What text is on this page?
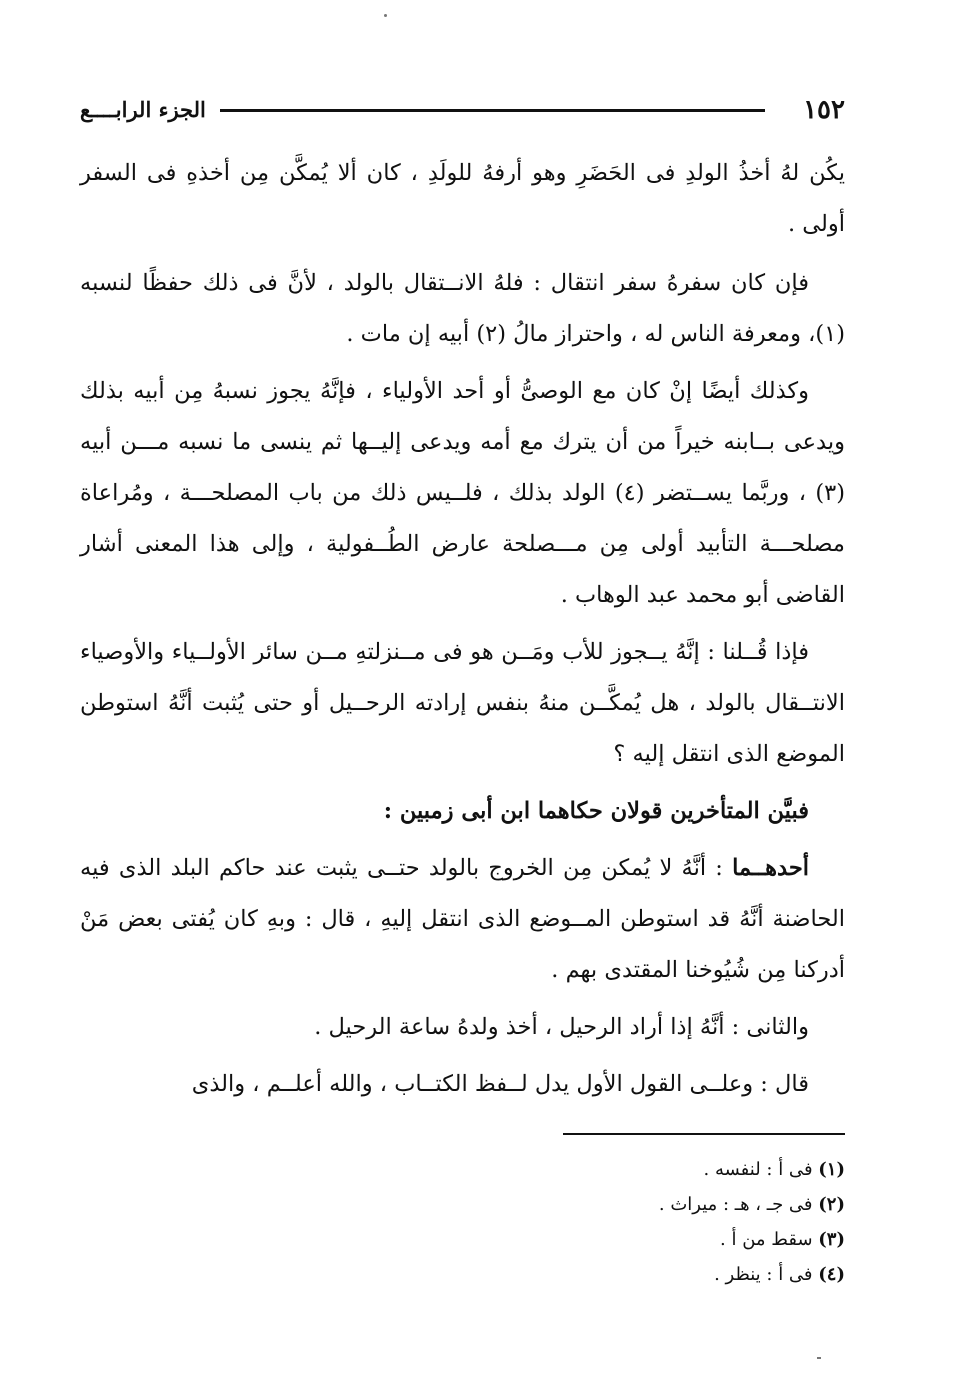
١٥٢
الجزء الرابــــع

يكُن لهُ أخذُ الولدِ فى الحَضَرِ وهو أرفهُ للولَدِ ، كان ألا يُمكَّن مِن أخذهِ فى السفر أولى .

فإن كان سفرهُ سفر انتقال : فلهُ الانــتقال بالولد ، لأنَّ فى ذلك حفظًا لنسبه (١)، ومعرفة الناس له ، واحتراز مالُ (٢) أبيه إن مات .

وكذلك أيضًا إنْ كان مع الوصىُّ أو أحد الأولياء ، فإنَّهُ يجوز نسبهُ مِن أبيه بذلك ويدعى بــابنه خيراً من أن يترك مع أمه ويدعى إليــها ثم ينسى ما نسبه مـــن أبيه (٣) ، وربَّما يســتضر (٤) الولد بذلك ، فلــيس ذلك من باب المصلحـــة ، ومُراعاة مصلحـــة التأبيد أولى مِن مـــصلحة عارض الطُــفولية ، وإلى هذا المعنى أشار القاضى أبو محمد عبد الوهاب .

فإذا قُــلنا : إنَّهُ يــجوز للأب ومَــن هو فى مــنزلتهِ مــن سائر الأولــياء والأوصياء الانتــقال بالولد ، هل يُمكَّــن منهُ بنفس إرادته الرحــيل أو حتى يُثبت أنَّهُ استوطن الموضع الذى انتقل إليه ؟

فبيَّن المتأخرين قولان حكاهما ابن أبى زمبين :

أحدهــما : أنَّهُ لا يُمكن مِن الخروج بالولد حتــى يثبت عند حاكم البلد الذى فيه الحاضنة أنَّهُ قد استوطن المــوضع الذى انتقل إليهِ ، قال : وبهِ كان يُفتى بعض مَنْ أدركنا مِن شُيُوخنا المقتدى بهم .

والثانى : أنَّهُ إذا أراد الرحيل ، أخذ ولدهُ ساعة الرحيل .

قال : وعلــى القول الأول يدل لــفظ الكتــاب ، والله أعلــم ، والذى

(١) فى أ : لنفسه .
(٢) فى جـ ، هـ : ميراث .
(٣) سقط من أ .
(٤) فى أ : ينظر .
